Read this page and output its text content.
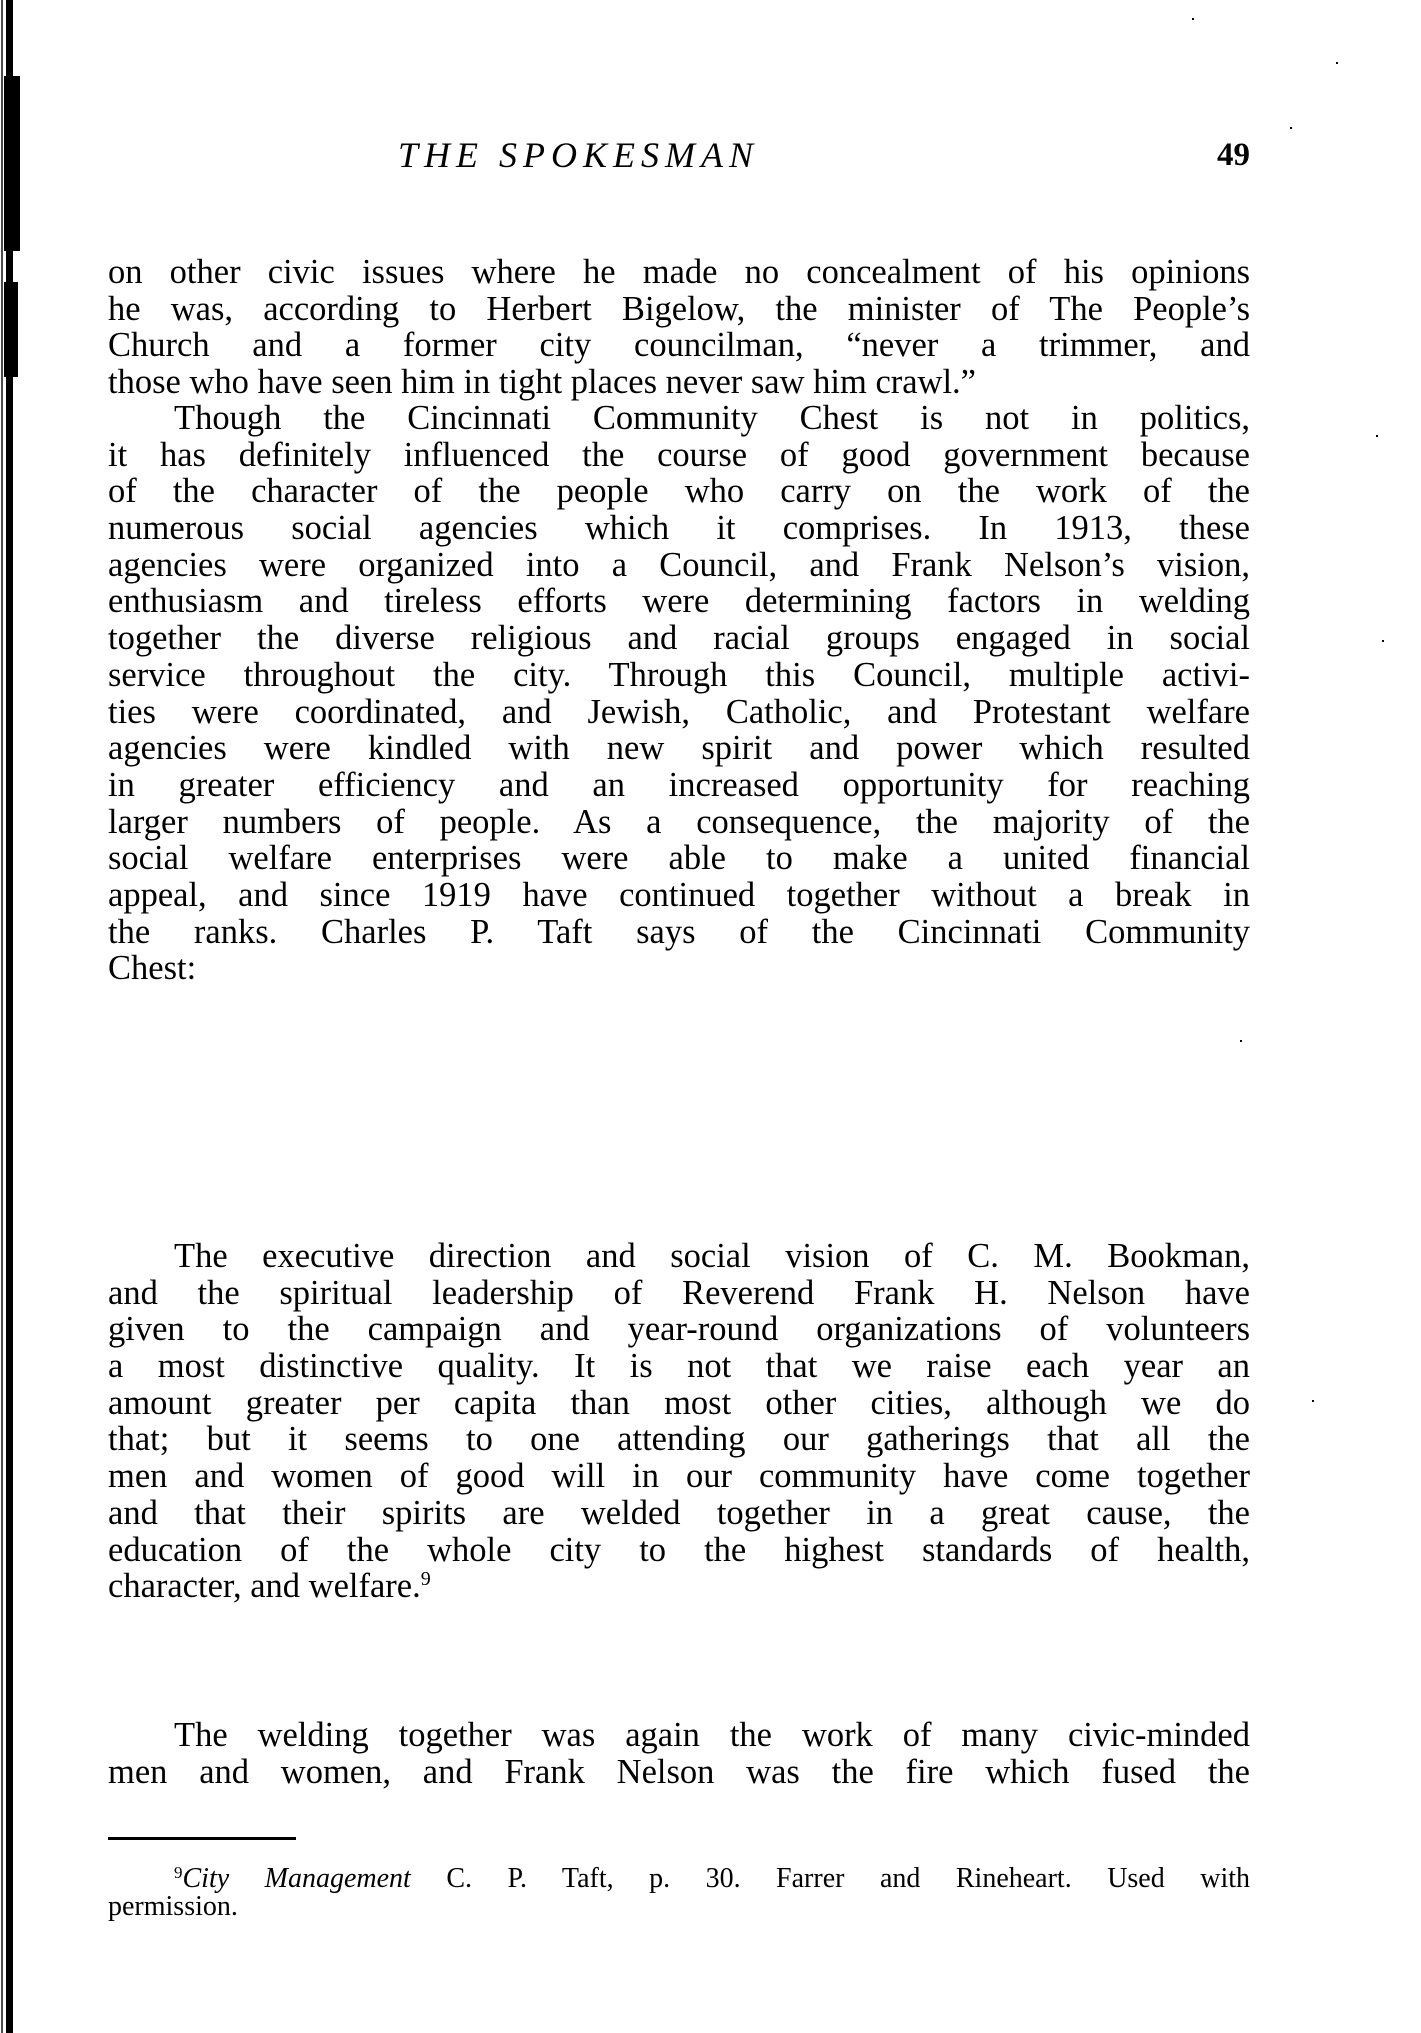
THE SPOKESMAN	49
on other civic issues where he made no concealment of his opinions
he was, according to Herbert Bigelow, the minister of The People’s
Church and a former city councilman, “never a trimmer, and
those who have seen him in tight places never saw him crawl.”
Though the Cincinnati Community Chest is not in politics,
it has definitely influenced the course of good government because
of the character of the people who carry on the work of the
numerous social agencies which it comprises. In 1913, these
agencies were organized into a Council, and Frank Nelson’s vision,
enthusiasm and tireless efforts were determining factors in welding
together the diverse religious and racial groups engaged in social
service throughout the city. Through this Council, multiple activi-
ties were coordinated, and Jewish, Catholic, and Protestant welfare
agencies were kindled with new spirit and power which resulted
in greater efficiency and an increased opportunity for reaching
larger numbers of people. As a consequence, the majority of the
social welfare enterprises were able to make a united financial
appeal, and since 1919 have continued together without a break in
the ranks. Charles P. Taft says of the Cincinnati Community
Chest:
The executive direction and social vision of C. M. Bookman,
and the spiritual leadership of Reverend Frank H. Nelson have
given to the campaign and year-round organizations of volunteers
a most distinctive quality. It is not that we raise each year an
amount greater per capita than most other cities, although we do
that; but it seems to one attending our gatherings that all the
men and women of good will in our community have come together
and that their spirits are welded together in a great cause, the
education of the whole city to the highest standards of health,
character, and welfare.$^9$
The welding together was again the work of many civic-minded
men and women, and Frank Nelson was the fire which fused the
$^9$City Management C. P. Taft, p. 30. Farrer and Rineheart. Used with
permission.
